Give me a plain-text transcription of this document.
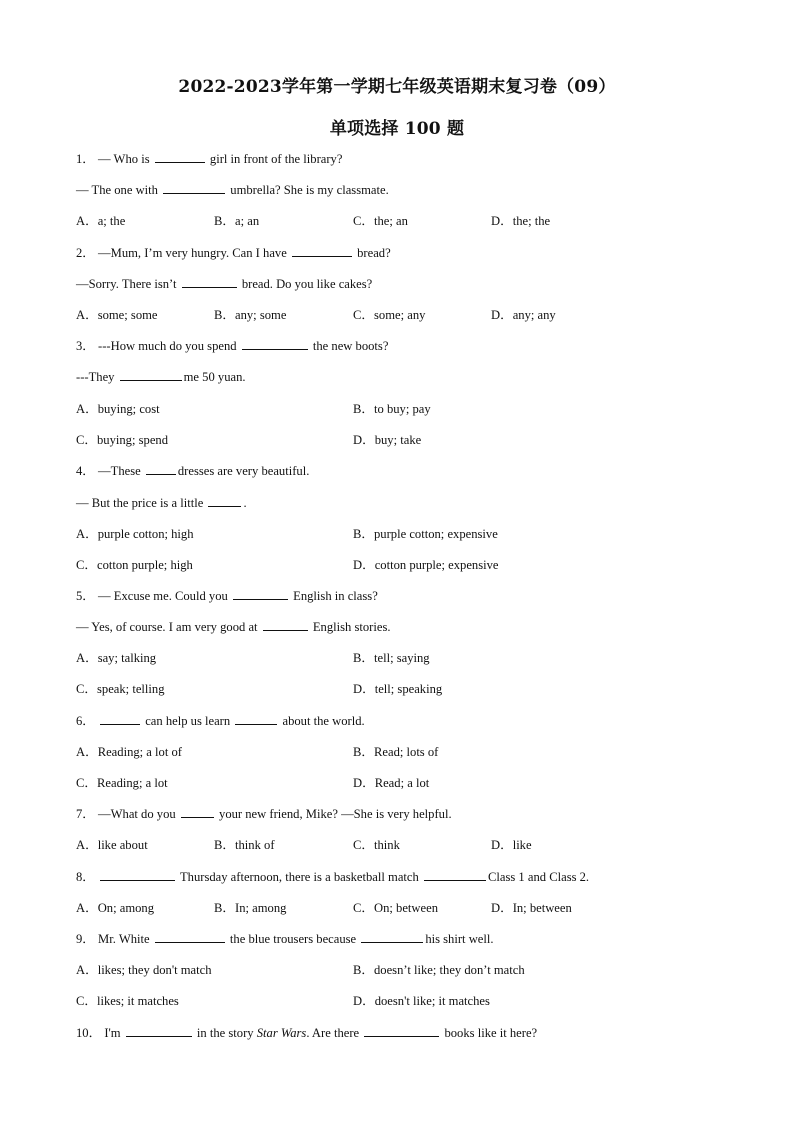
2022-2023学年第一学期七年级英语期末复习卷（09）
单项选择 100 题

1． — Who is	girl in front of the library?

— The one with	umbrella? She is my classmate.

A．a; the	B．a; an	C．the; an	D．the; the

2． —Mum, I’m very hungry. Can I have	bread?

—Sorry. There isn’t	bread. Do you like cakes?

A．some; some	B．any; some	C．some; any	D．any; any

3． ---How much do you spend	the new boots?

---They	me 50 yuan.

A．buying; cost	B．to buy; pay
C．buying; spend	D．buy; take

4． —These	dresses are very beautiful.

— But the price is a little	.

A．purple cotton; high	B．purple cotton; expensive
C．cotton purple; high	D．cotton purple; expensive

5． — Excuse me. Could you	English in class?

— Yes, of course. I am very good at	English stories.

A．say; talking	B．tell; saying
C．speak; telling	D．tell; speaking

6．	can help us learn	about the world.

A．Reading; a lot of	B．Read; lots of
C．Reading; a lot	D．Read; a lot

7． —What do you	your new friend, Mike? —She is very helpful.

A．like about	B．think of	C．think	D．like

8．	Thursday afternoon, there is a basketball match	Class 1 and Class 2.

A．On; among	B．In; among	C．On; between	D．In; between

9． Mr. White	the blue trousers because	his shirt well.

A．likes; they don't match	B．doesn’t like; they don’t match
C．likes; it matches	D．doesn't like; it matches

10． I'm	in the story Star Wars. Are there	books like it here?
